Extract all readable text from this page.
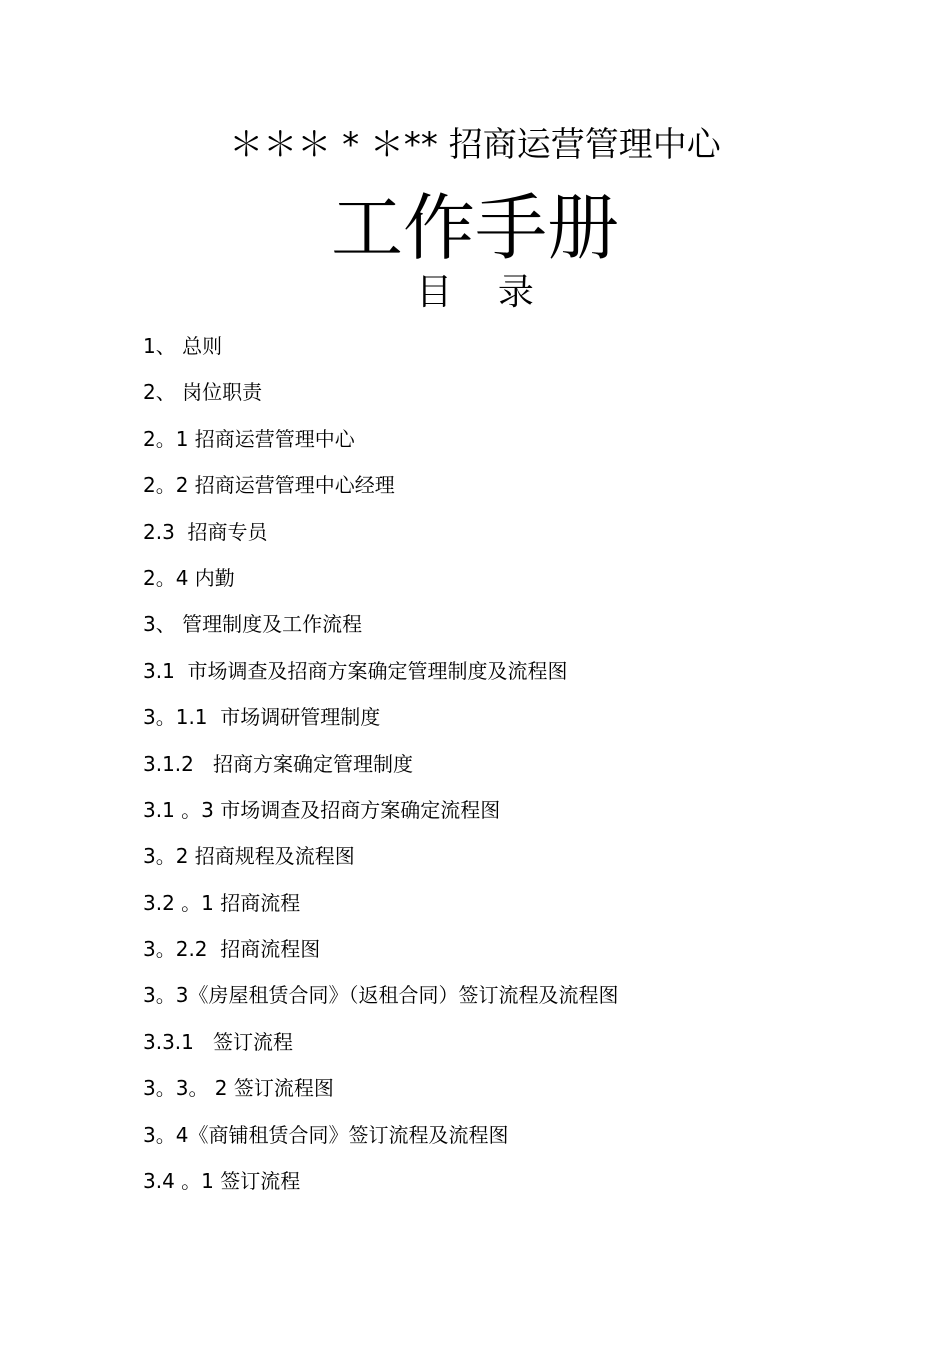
＊＊＊ * ＊** 招商运营管理中心
工作手册
目    录
1、 总则
2、 岗位职责
2。1 招商运营管理中心
2。2 招商运营管理中心经理
2.3  招商专员
2。4 内勤
3、 管理制度及工作流程
3.1  市场调查及招商方案确定管理制度及流程图
3。1.1  市场调研管理制度
3.1.2   招商方案确定管理制度
3.1 。3 市场调查及招商方案确定流程图
3。2 招商规程及流程图
3.2 。1 招商流程
3。2.2  招商流程图
3。3《房屋租赁合同》（返租合同）签订流程及流程图
3.3.1   签订流程
3。3。 2 签订流程图
3。4《商铺租赁合同》签订流程及流程图
3.4 。1 签订流程
